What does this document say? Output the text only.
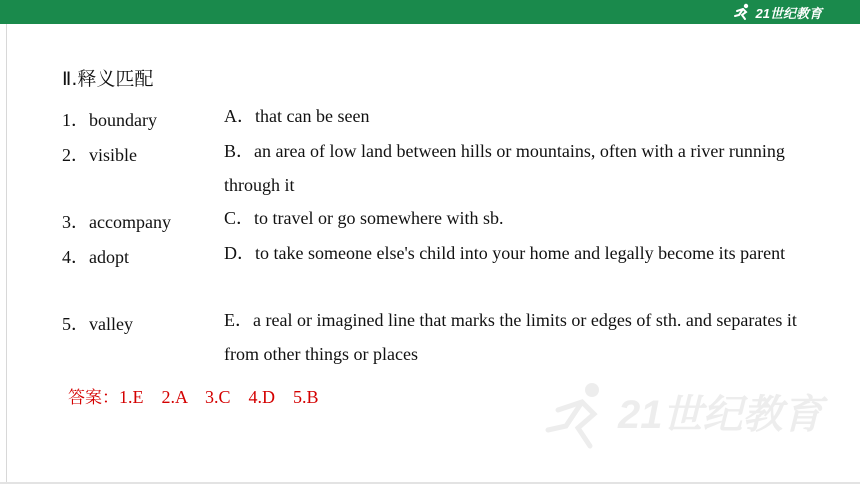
21世纪教育
Ⅱ.释义匹配
1．boundary
2．visible
3．accompany
4．adopt
5．valley
A．that can be seen
B．an area of low land between hills or mountains, often with a river running through it
C．to travel or go somewhere with sb.
D．to take someone else's child into your home and legally become its parent
E．a real or imagined line that marks the limits or edges of sth. and separates it from other things or places
答案：1.E　2.A　3.C　4.D　5.B	21世纪教育
